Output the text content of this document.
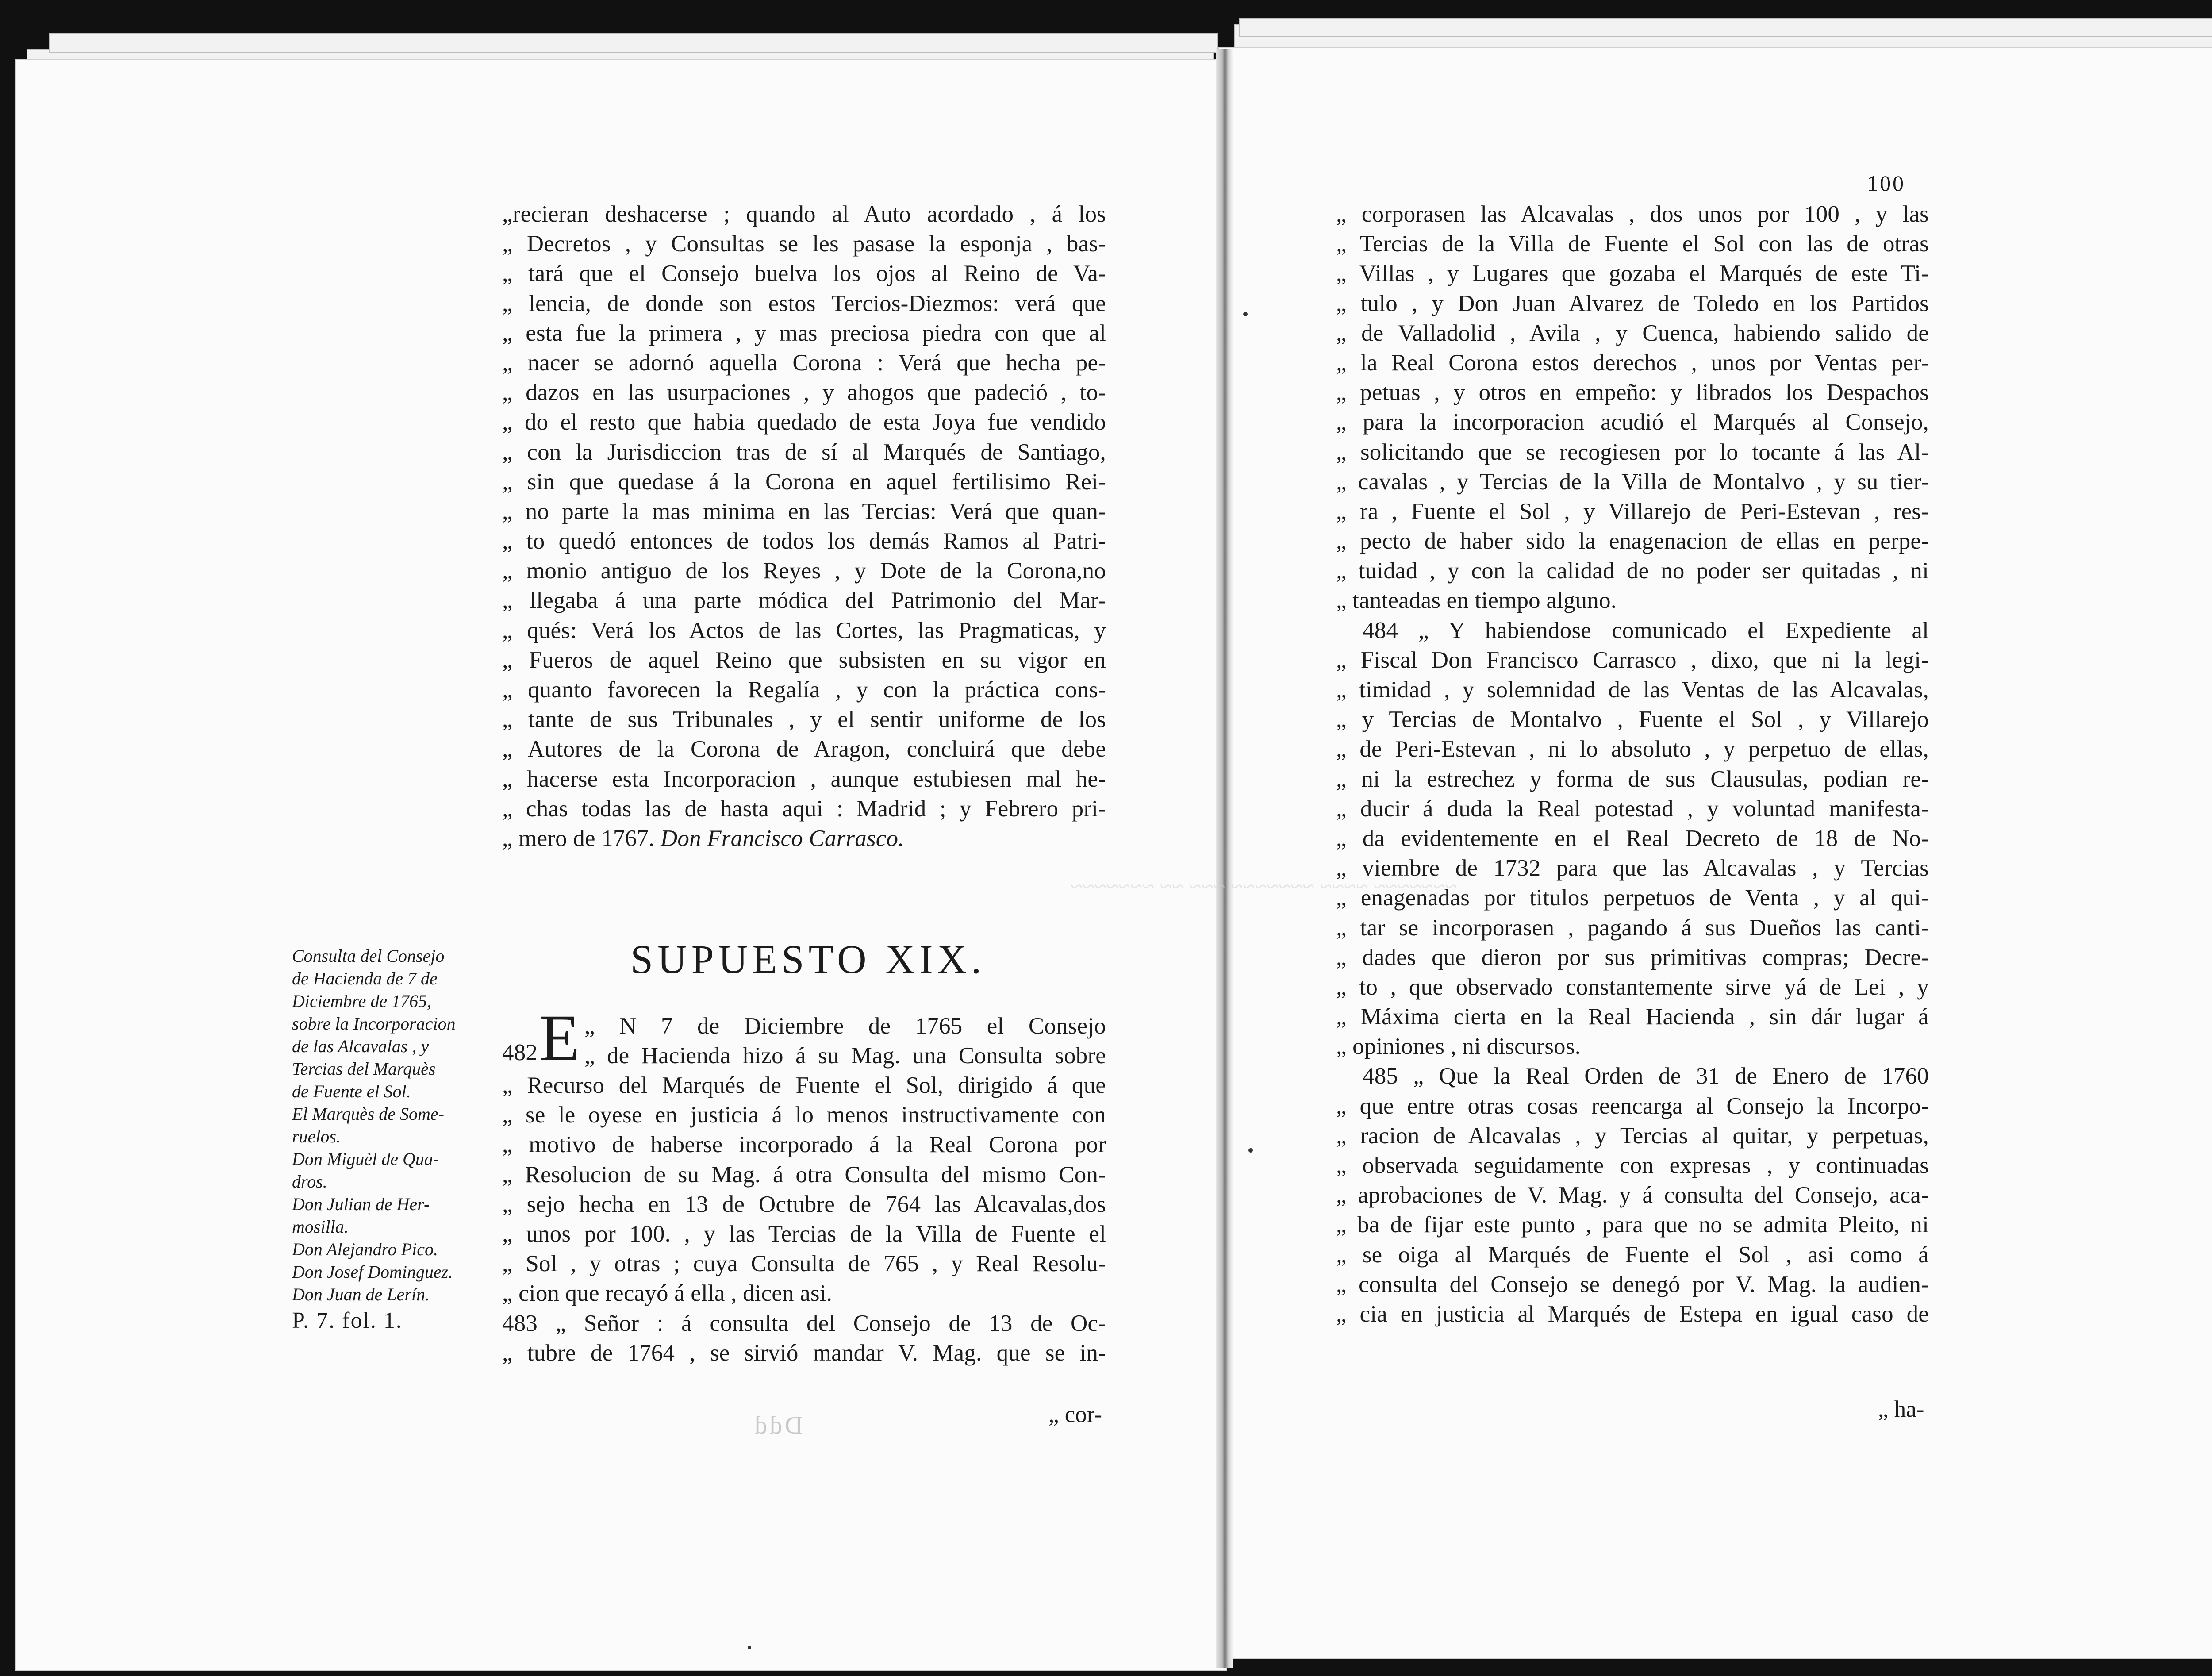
~~~~~~~ ~~~~ ~~~~~~~ ~~~ ~~ ~~~~~~~
Ddd
„recieran deshacerse ; quando al Auto acordado , á los
„ Decretos , y Consultas se les pasase la esponja , bas-
„ tará que el Consejo buelva los ojos al Reino de Va-
„ lencia, de donde son estos Tercios-Diezmos: verá que
„ esta fue la primera , y mas preciosa piedra con que al
„ nacer se adornó aquella Corona : Verá que hecha pe-
„ dazos en las usurpaciones , y ahogos que padeció , to-
„ do el resto que habia quedado de esta Joya fue vendido
„ con la Jurisdiccion tras de sí al Marqués de Santiago,
„ sin que quedase á la Corona en aquel fertilisimo Rei-
„ no parte la mas minima en las Tercias: Verá que quan-
„ to quedó entonces de todos los demás Ramos al Patri-
„ monio antiguo de los Reyes , y Dote de la Corona,no
„ llegaba á una parte módica del Patrimonio del Mar-
„ qués: Verá los Actos de las Cortes, las Pragmaticas, y
„ Fueros de aquel Reino que subsisten en su vigor en
„ quanto favorecen la Regalía , y con la práctica cons-
„ tante de sus Tribunales , y el sentir uniforme de los
„ Autores de la Corona de Aragon, concluirá que debe
„ hacerse esta Incorporacion , aunque estubiesen mal he-
„ chas todas las de hasta aqui : Madrid ; y Febrero pri-
„ mero de 1767. Don Francisco Carrasco.
SUPUESTO XIX.
Consulta del Consejo
de Hacienda de 7 de
Diciembre de 1765,
sobre la Incorporacion
de las Alcavalas , y
Tercias del Marquès
de Fuente el Sol.
El Marquès de Some-
ruelos.
Don Miguèl de Qua-
dros.
Don Julian de Her-
mosilla.
Don Alejandro Pico.
Don Josef Dominguez.
Don Juan de Lerín.
P. 7. fol. 1.
482 E „ N 7 de Diciembre de 1765 el Consejo
„ de Hacienda hizo á su Mag. una Consulta sobre
„ Recurso del Marqués de Fuente el Sol, dirigido á que
„ se le oyese en justicia á lo menos instructivamente con
„ motivo de haberse incorporado á la Real Corona por
„ Resolucion de su Mag. á otra Consulta del mismo Con-
„ sejo hecha en 13 de Octubre de 764 las Alcavalas,dos
„ unos por 100. , y las Tercias de la Villa de Fuente el
„ Sol , y otras ; cuya Consulta de 765 , y Real Resolu-
„ cion que recayó á ella , dicen asi.
483 „ Señor : á consulta del Consejo de 13 de Oc-
„ tubre de 1764 , se sirvió mandar V. Mag. que se in-
„ cor-
100
„ corporasen las Alcavalas , dos unos por 100 , y las
„ Tercias de la Villa de Fuente el Sol con las de otras
„ Villas , y Lugares que gozaba el Marqués de este Ti-
„ tulo , y Don Juan Alvarez de Toledo en los Partidos
„ de Valladolid , Avila , y Cuenca, habiendo salido de
„ la Real Corona estos derechos , unos por Ventas per-
„ petuas , y otros en empeño: y librados los Despachos
„ para la incorporacion acudió el Marqués al Consejo,
„ solicitando que se recogiesen por lo tocante á las Al-
„ cavalas , y Tercias de la Villa de Montalvo , y su tier-
„ ra , Fuente el Sol , y Villarejo de Peri-Estevan , res-
„ pecto de haber sido la enagenacion de ellas en perpe-
„ tuidad , y con la calidad de no poder ser quitadas , ni
„ tanteadas en tiempo alguno.
484 „ Y habiendose comunicado el Expediente al
„ Fiscal Don Francisco Carrasco , dixo, que ni la legi-
„ timidad , y solemnidad de las Ventas de las Alcavalas,
„ y Tercias de Montalvo , Fuente el Sol , y Villarejo
„ de Peri-Estevan , ni lo absoluto , y perpetuo de ellas,
„ ni la estrechez y forma de sus Clausulas, podian re-
„ ducir á duda la Real potestad , y voluntad manifesta-
„ da evidentemente en el Real Decreto de 18 de No-
„ viembre de 1732 para que las Alcavalas , y Tercias
„ enagenadas por titulos perpetuos de Venta , y al qui-
„ tar se incorporasen , pagando á sus Dueños las canti-
„ dades que dieron por sus primitivas compras; Decre-
„ to , que observado constantemente sirve yá de Lei , y
„ Máxima cierta en la Real Hacienda , sin dár lugar á
„ opiniones , ni discursos.
485 „ Que la Real Orden de 31 de Enero de 1760
„ que entre otras cosas reencarga al Consejo la Incorpo-
„ racion de Alcavalas , y Tercias al quitar, y perpetuas,
„ observada seguidamente con expresas , y continuadas
„ aprobaciones de V. Mag. y á consulta del Consejo, aca-
„ ba de fijar este punto , para que no se admita Pleito, ni
„ se oiga al Marqués de Fuente el Sol , asi como á
„ consulta del Consejo se denegó por V. Mag. la audien-
„ cia en justicia al Marqués de Estepa en igual caso de
„ ha-
